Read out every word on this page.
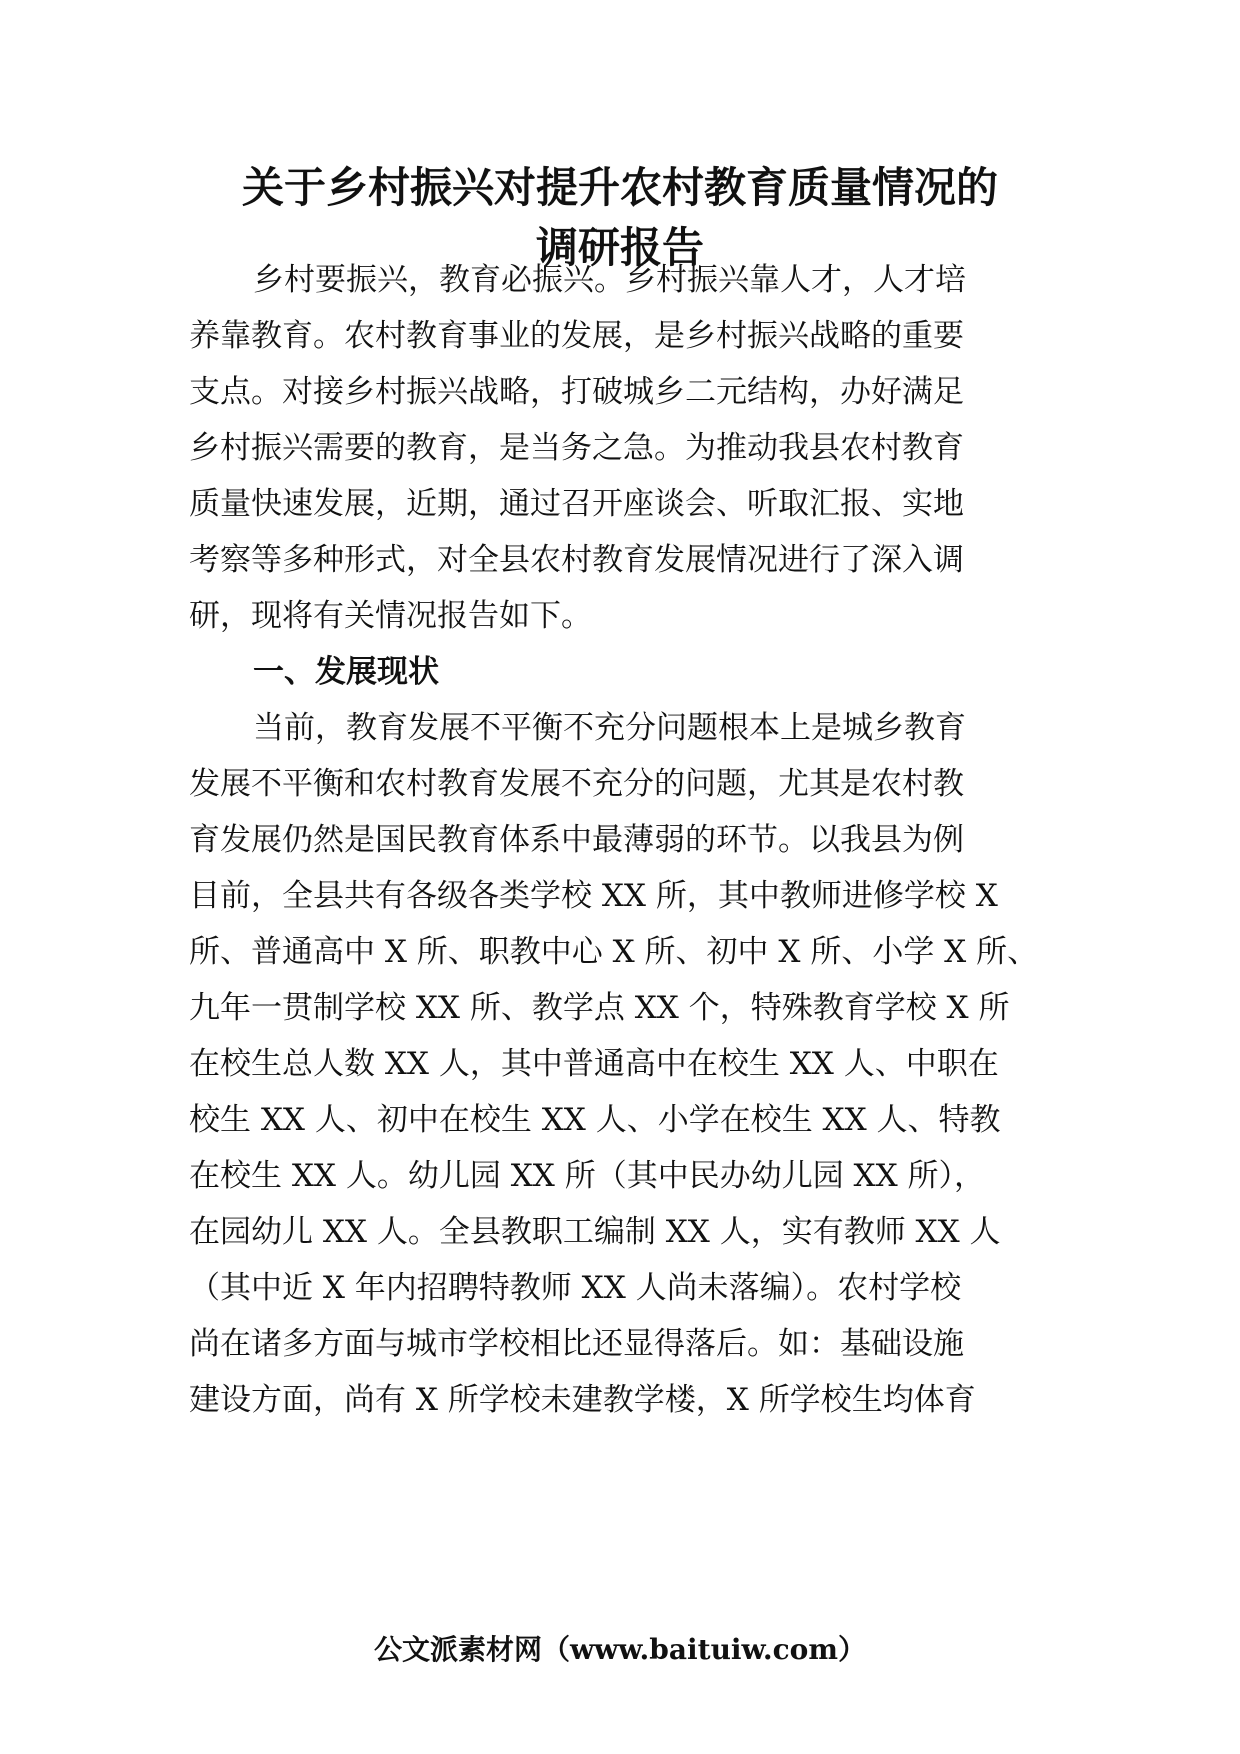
关于乡村振兴对提升农村教育质量情况的
调研报告

乡村要振兴，教育必振兴。乡村振兴靠人才，人才培

养靠教育。农村教育事业的发展，是乡村振兴战略的重要

支点。对接乡村振兴战略，打破城乡二元结构，办好满足

乡村振兴需要的教育，是当务之急。为推动我县农村教育

质量快速发展，近期，通过召开座谈会、听取汇报、实地

考察等多种形式，对全县农村教育发展情况进行了深入调

研，现将有关情况报告如下。

一、发展现状

当前，教育发展不平衡不充分问题根本上是城乡教育

发展不平衡和农村教育发展不充分的问题，尤其是农村教

育发展仍然是国民教育体系中最薄弱的环节。以我县为例

目前，全县共有各级各类学校 XX 所，其中教师进修学校 X

所、普通高中 X 所、职教中心 X 所、初中 X 所、小学 X 所、

九年一贯制学校 XX 所、教学点 XX 个，特殊教育学校 X 所

在校生总人数 XX 人，其中普通高中在校生 XX 人、中职在

校生 XX 人、初中在校生 XX 人、小学在校生 XX 人、特教

在校生 XX 人。幼儿园 XX 所（其中民办幼儿园 XX 所），

在园幼儿 XX 人。全县教职工编制 XX 人，实有教师 XX 人

（其中近 X 年内招聘特教师 XX 人尚未落编）。农村学校

尚在诸多方面与城市学校相比还显得落后。如：基础设施

建设方面，尚有 X 所学校未建教学楼，X 所学校生均体育

公文派素材网（www.baituiw.com）
